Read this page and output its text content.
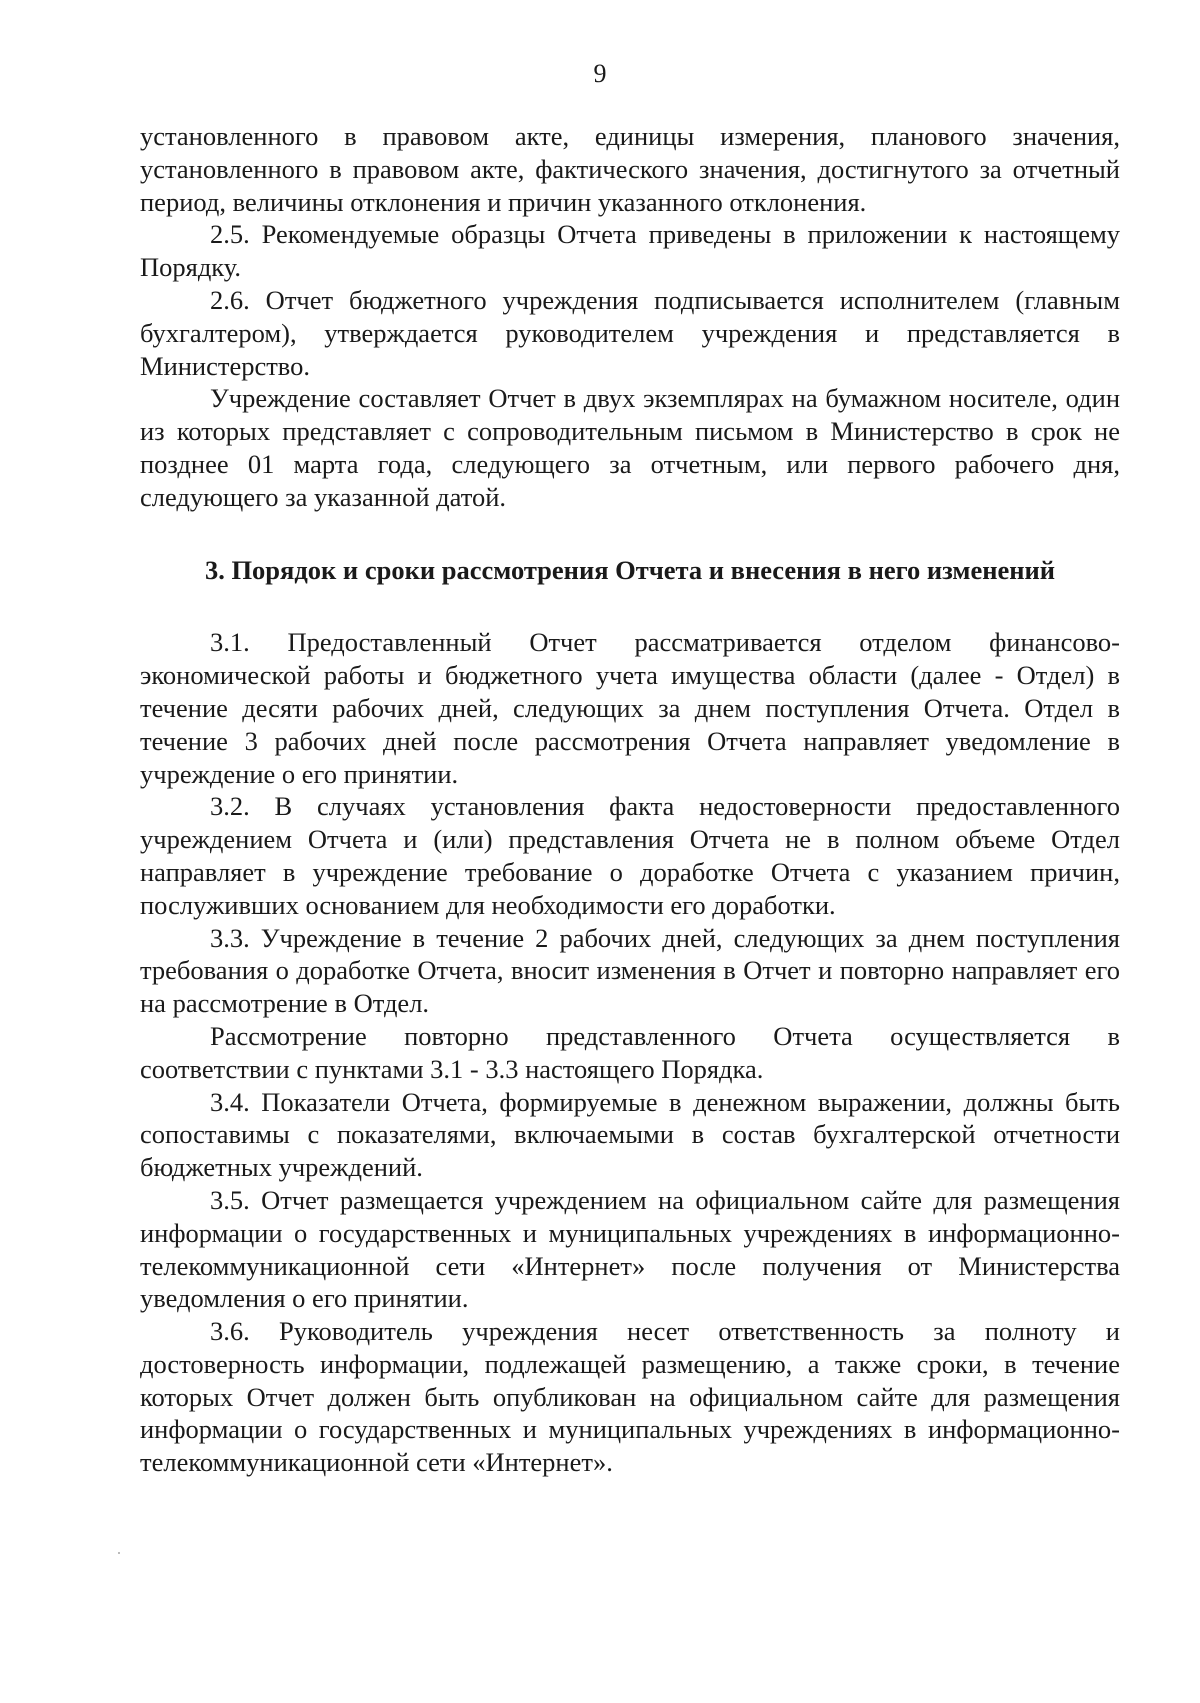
9

установленного в правовом акте, единицы измерения, планового значения, установленного в правовом акте, фактического значения, достигнутого за отчетный период, величины отклонения и причин указанного отклонения.

2.5. Рекомендуемые образцы Отчета приведены в приложении к настоящему Порядку.

2.6. Отчет бюджетного учреждения подписывается исполнителем (главным бухгалтером), утверждается руководителем учреждения и представляется в Министерство.

Учреждение составляет Отчет в двух экземплярах на бумажном носителе, один из которых представляет с сопроводительным письмом в Министерство в срок не позднее 01 марта года, следующего за отчетным, или первого рабочего дня, следующего за указанной датой.

3. Порядок и сроки рассмотрения Отчета и внесения в него изменений

3.1. Предоставленный Отчет рассматривается отделом финансово-экономической работы и бюджетного учета имущества области (далее - Отдел) в течение десяти рабочих дней, следующих за днем поступления Отчета. Отдел в течение 3 рабочих дней после рассмотрения Отчета направляет уведомление в учреждение о его принятии.

3.2. В случаях установления факта недостоверности предоставленного учреждением Отчета и (или) представления Отчета не в полном объеме Отдел направляет в учреждение требование о доработке Отчета с указанием причин, послуживших основанием для необходимости его доработки.

3.3. Учреждение в течение 2 рабочих дней, следующих за днем поступления требования о доработке Отчета, вносит изменения в Отчет и повторно направляет его на рассмотрение в Отдел.

Рассмотрение повторно представленного Отчета осуществляется в соответствии с пунктами 3.1 - 3.3 настоящего Порядка.

3.4. Показатели Отчета, формируемые в денежном выражении, должны быть сопоставимы с показателями, включаемыми в состав бухгалтерской отчетности бюджетных учреждений.

3.5. Отчет размещается учреждением на официальном сайте для размещения информации о государственных и муниципальных учреждениях в информационно-телекоммуникационной сети «Интернет» после получения от Министерства уведомления о его принятии.

3.6. Руководитель учреждения несет ответственность за полноту и достоверность информации, подлежащей размещению, а также сроки, в течение которых Отчет должен быть опубликован на официальном сайте для размещения информации о государственных и муниципальных учреждениях в информационно-телекоммуникационной сети «Интернет».
